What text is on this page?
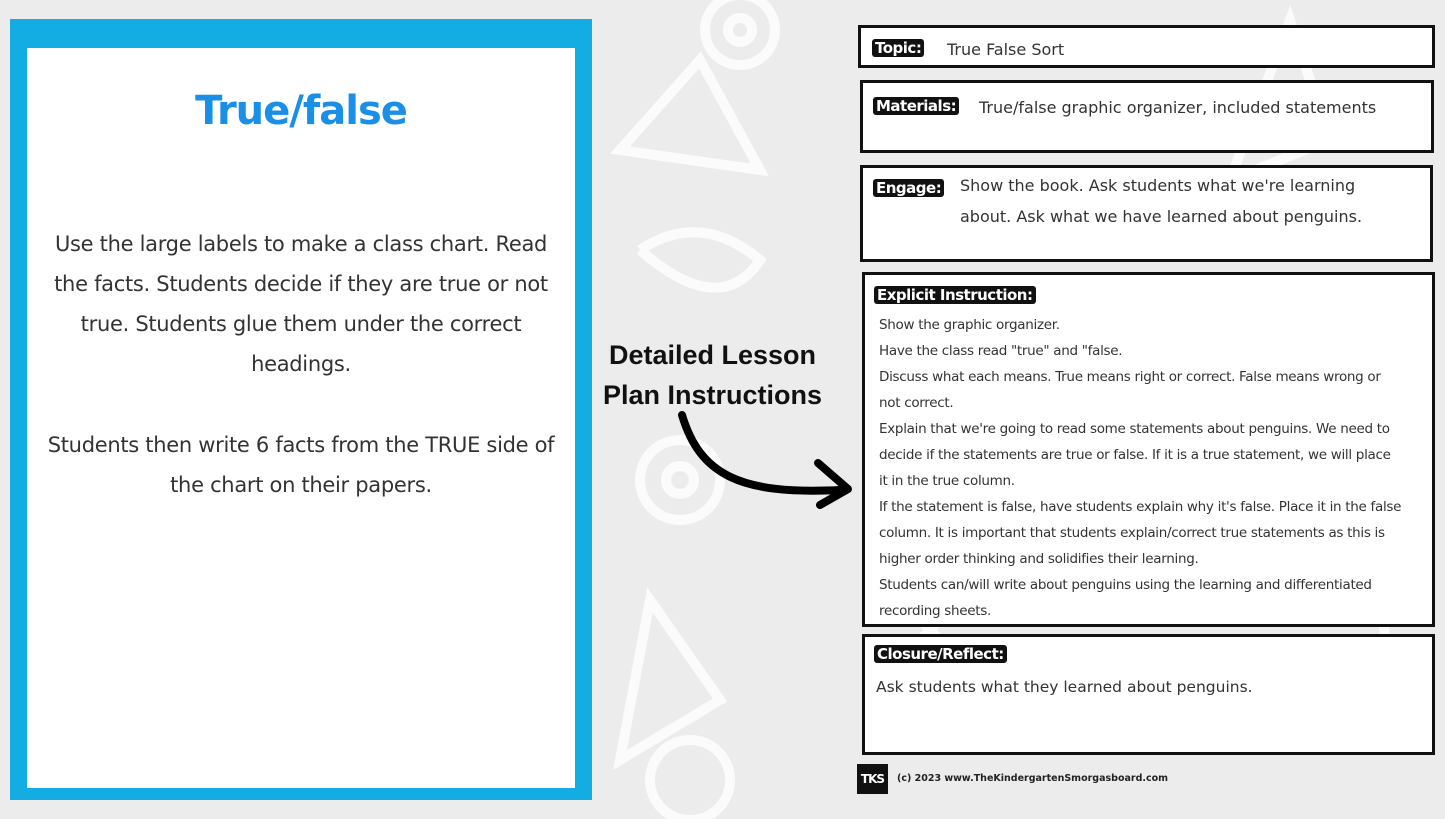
True/false
Use the large labels to make a class chart. Read the facts. Students decide if they are true or not true. Students glue them under the correct headings.
Students then write 6 facts from the TRUE side of the chart on their papers.
Detailed Lesson
Plan Instructions
Topic: True False Sort
Materials: True/false graphic organizer, included statements
Engage: Show the book. Ask students what we're learning
about. Ask what we have learned about penguins.
Explicit Instruction:
Show the graphic organizer.
Have the class read "true" and "false.
Discuss what each means. True means right or correct. False means wrong or
not correct.
Explain that we're going to read some statements about penguins. We need to
decide if the statements are true or false. If it is a true statement, we will place
it in the true column.
If the statement is false, have students explain why it's false. Place it in the false
column. It is important that students explain/correct true statements as this is
higher order thinking and solidifies their learning.
Students can/will write about penguins using the learning and differentiated
recording sheets.
Closure/Reflect:
Ask students what they learned about penguins.
TKS	(c) 2023 www.TheKindergartenSmorgasboard.com
